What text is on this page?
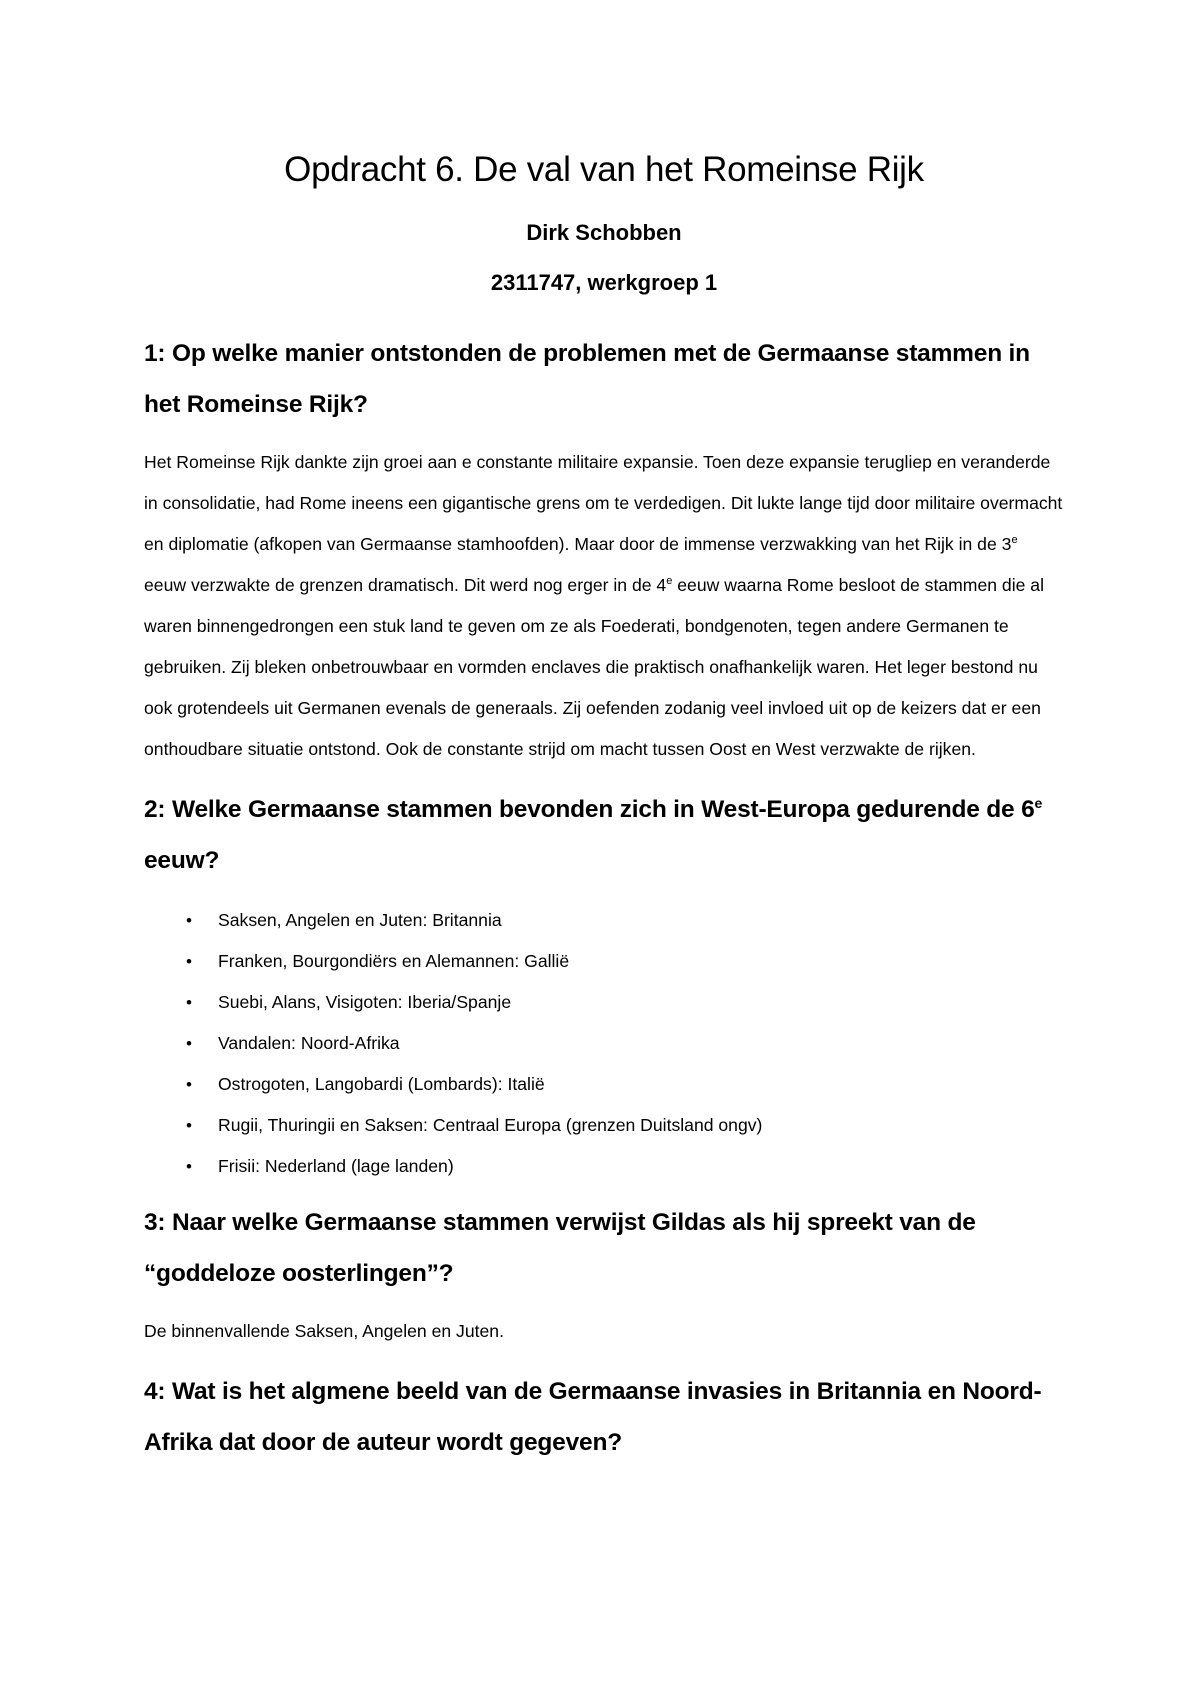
Opdracht 6. De val van het Romeinse Rijk

Dirk Schobben

2311747, werkgroep 1

1: Op welke manier ontstonden de problemen met de Germaanse stammen in het Romeinse Rijk?

Het Romeinse Rijk dankte zijn groei aan e constante militaire expansie. Toen deze expansie terugliep en veranderde in consolidatie, had Rome ineens een gigantische grens om te verdedigen. Dit lukte lange tijd door militaire overmacht en diplomatie (afkopen van Germaanse stamhoofden). Maar door de immense verzwakking van het Rijk in de 3e eeuw verzwakte de grenzen dramatisch. Dit werd nog erger in de 4e eeuw waarna Rome besloot de stammen die al waren binnengedrongen een stuk land te geven om ze als Foederati, bondgenoten, tegen andere Germanen te gebruiken. Zij bleken onbetrouwbaar en vormden enclaves die praktisch onafhankelijk waren. Het leger bestond nu ook grotendeels uit Germanen evenals de generaals. Zij oefenden zodanig veel invloed uit op de keizers dat er een onthoudbare situatie ontstond. Ook de constante strijd om macht tussen Oost en West verzwakte de rijken.

2: Welke Germaanse stammen bevonden zich in West-Europa gedurende de 6e eeuw?
• Saksen, Angelen en Juten: Britannia
• Franken, Bourgondiërs en Alemannen: Gallië
• Suebi, Alans, Visigoten: Iberia/Spanje
• Vandalen: Noord-Afrika
• Ostrogoten, Langobardi (Lombards): Italië
• Rugii, Thuringii en Saksen: Centraal Europa (grenzen Duitsland ongv)
• Frisii: Nederland (lage landen)
3: Naar welke Germaanse stammen verwijst Gildas als hij spreekt van de “goddeloze oosterlingen”?

De binnenvallende Saksen, Angelen en Juten.

4: Wat is het algmene beeld van de Germaanse invasies in Britannia en Noord-Afrika dat door de auteur wordt gegeven?
